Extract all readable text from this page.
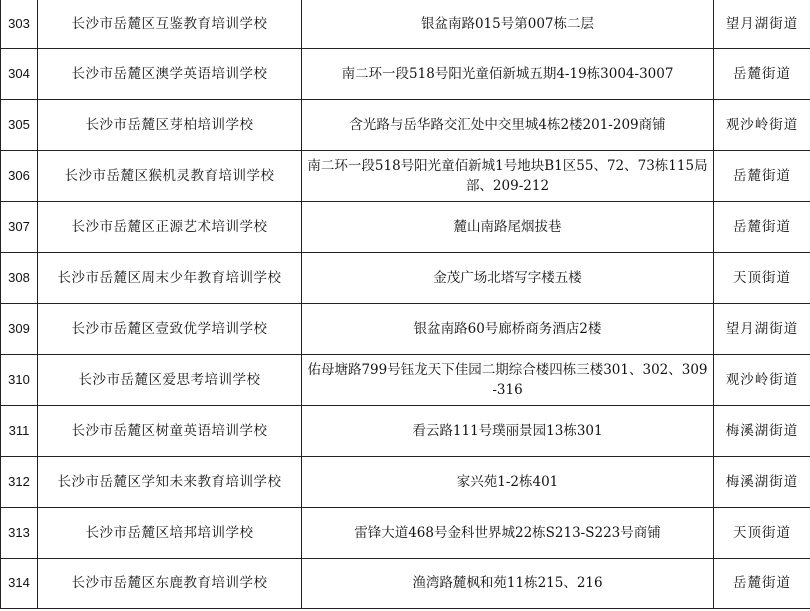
303	长沙市岳麓区互鉴教育培训学校	银盆南路015号第007栋二层	望月湖街道
304	长沙市岳麓区澳学英语培训学校	南二环一段518号阳光童佰新城五期4-19栋3004-3007	岳麓街道
305	长沙市岳麓区芽柏培训学校	含光路与岳华路交汇处中交里城4栋2楼201-209商铺	观沙岭街道
306	长沙市岳麓区猴机灵教育培训学校	南二环一段518号阳光童佰新城1号地块B1区55、72、73栋115局部、209-212	岳麓街道
307	长沙市岳麓区正源艺术培训学校	麓山南路尾烟拔巷	岳麓街道
308	长沙市岳麓区周末少年教育培训学校	金茂广场北塔写字楼五楼	天顶街道
309	长沙市岳麓区壹致优学培训学校	银盆南路60号廊桥商务酒店2楼	望月湖街道
310	长沙市岳麓区爱思考培训学校	佑母塘路799号钰龙天下佳园二期综合楼四栋三楼301、302、309-316	观沙岭街道
311	长沙市岳麓区树童英语培训学校	看云路111号璞丽景园13栋301	梅溪湖街道
312	长沙市岳麓区学知未来教育培训学校	家兴苑1-2栋401	梅溪湖街道
313	长沙市岳麓区培邦培训学校	雷锋大道468号金科世界城22栋S213-S223号商铺	天顶街道
314	长沙市岳麓区东鹿教育培训学校	渔湾路麓枫和苑11栋215、216	岳麓街道
